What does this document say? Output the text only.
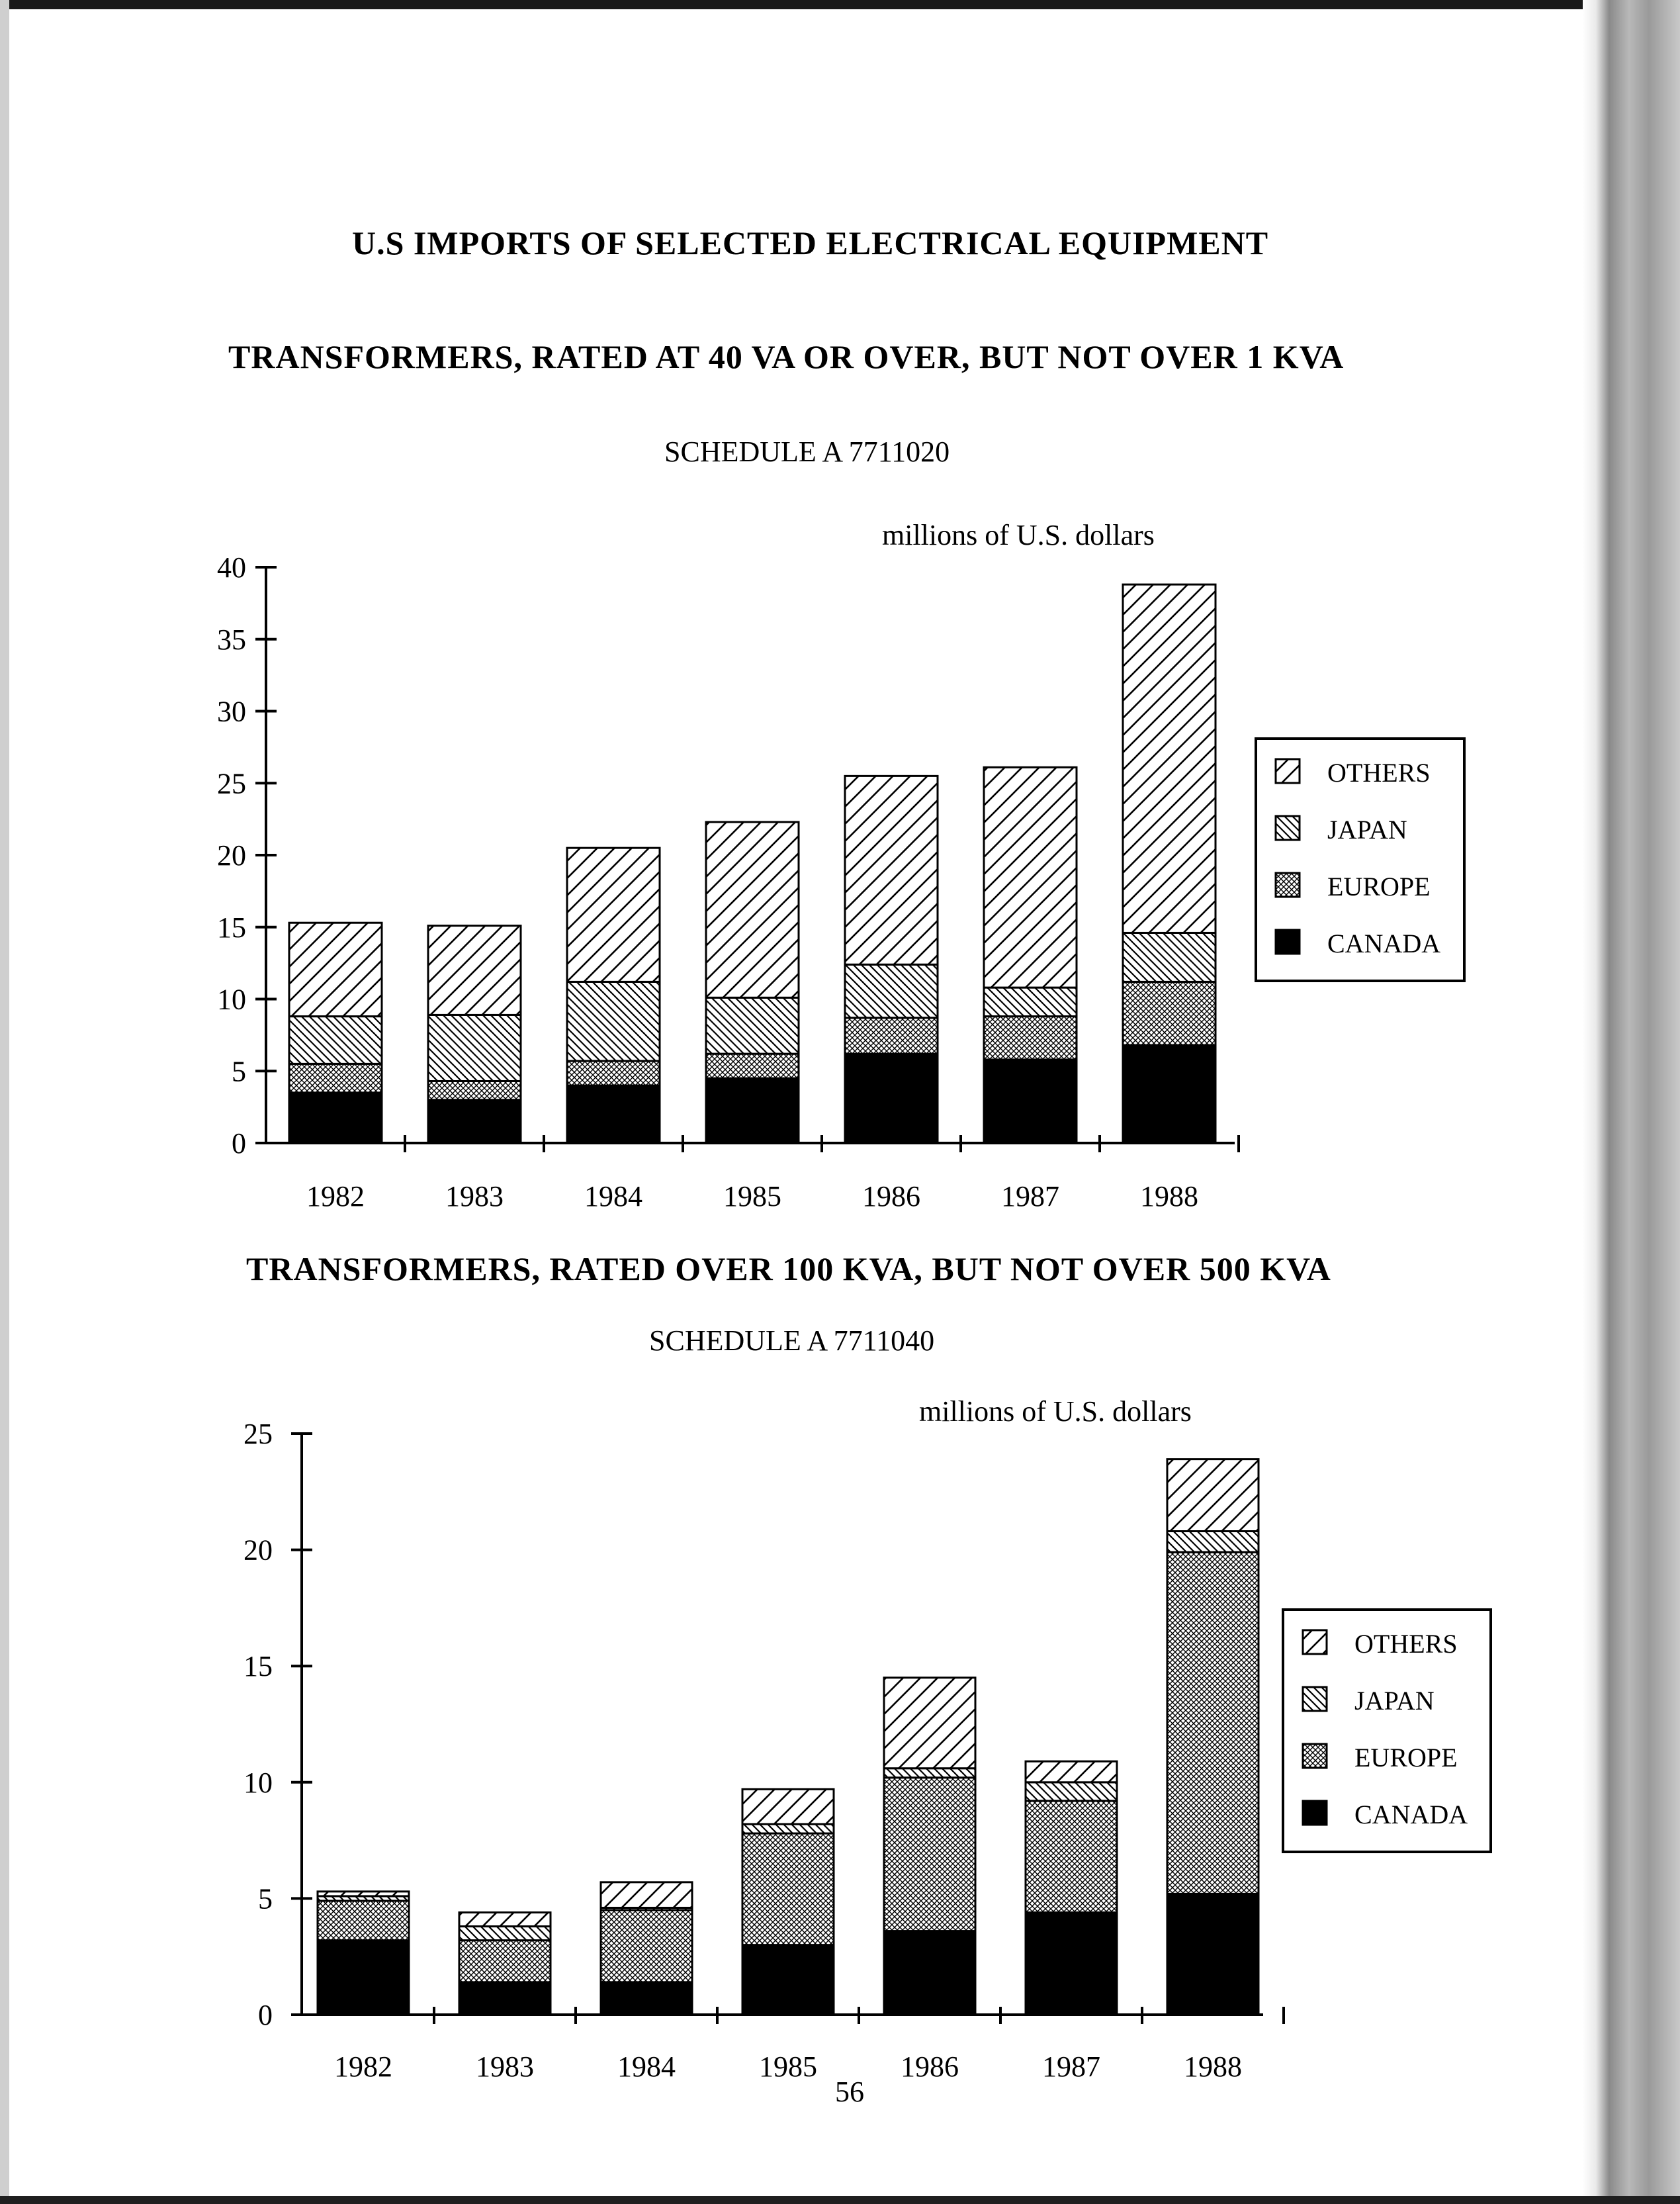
U.S IMPORTS OF SELECTED ELECTRICAL EQUIPMENT
TRANSFORMERS, RATED AT 40 VA OR OVER, BUT NOT OVER 1 KVA
SCHEDULE A 7711020
millions of U.S. dollars
TRANSFORMERS, RATED OVER 100 KVA, BUT NOT OVER 500 KVA
SCHEDULE A 7711040
millions of U.S. dollars
56
0
5
10
15
20
25
30
35
40
1982	1983	1984	1985	1986	1987	1988
OTHERS
JAPAN
EUROPE
CANADA
0
5
10
15
20
25
1982	1983	1984	1985	1986	1987	1988
OTHERS
JAPAN
EUROPE
CANADA
